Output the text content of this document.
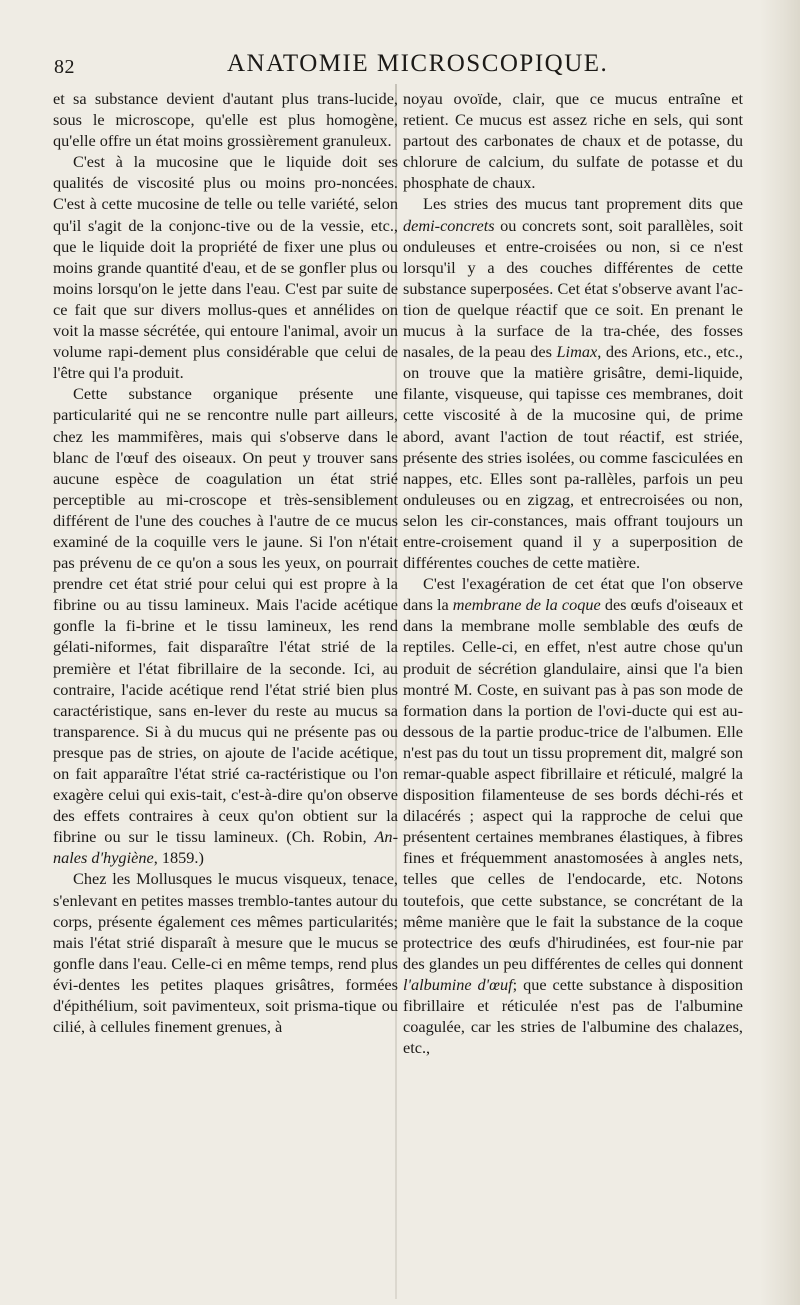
82	ANATOMIE MICROSCOPIQUE.

et sa substance devient d'autant plus trans-lucide, sous le microscope, qu'elle est plus homogène, qu'elle offre un état moins grossièrement granuleux.

C'est à la mucosine que le liquide doit ses qualités de viscosité plus ou moins pro-noncées. C'est à cette mucosine de telle ou telle variété, selon qu'il s'agit de la conjonc-tive ou de la vessie, etc., que le liquide doit la propriété de fixer une plus ou moins grande quantité d'eau, et de se gonfler plus ou moins lorsqu'on le jette dans l'eau. C'est par suite de ce fait que sur divers mollus-ques et annélides on voit la masse sécrétée, qui entoure l'animal, avoir un volume rapi-dement plus considérable que celui de l'être qui l'a produit.

Cette substance organique présente une particularité qui ne se rencontre nulle part ailleurs, chez les mammifères, mais qui s'observe dans le blanc de l'œuf des oiseaux. On peut y trouver sans aucune espèce de coagulation un état strié perceptible au mi-croscope et très-sensiblement différent de l'une des couches à l'autre de ce mucus examiné de la coquille vers le jaune. Si l'on n'était pas prévenu de ce qu'on a sous les yeux, on pourrait prendre cet état strié pour celui qui est propre à la fibrine ou au tissu lamineux. Mais l'acide acétique gonfle la fi-brine et le tissu lamineux, les rend gélati-niformes, fait disparaître l'état strié de la première et l'état fibrillaire de la seconde. Ici, au contraire, l'acide acétique rend l'état strié bien plus caractéristique, sans en-lever du reste au mucus sa transparence. Si à du mucus qui ne présente pas ou presque pas de stries, on ajoute de l'acide acétique, on fait apparaître l'état strié ca-ractéristique ou l'on exagère celui qui exis-tait, c'est-à-dire qu'on observe des effets contraires à ceux qu'on obtient sur la fibrine ou sur le tissu lamineux. (Ch. Robin, An-nales d'hygiène, 1859.)

Chez les Mollusques le mucus visqueux, tenace, s'enlevant en petites masses tremblo-tantes autour du corps, présente également ces mêmes particularités; mais l'état strié disparaît à mesure que le mucus se gonfle dans l'eau. Celle-ci en même temps, rend plus évi-dentes les petites plaques grisâtres, formées d'épithélium, soit pavimenteux, soit prisma-tique ou cilié, à cellules finement grenues, à

noyau ovoïde, clair, que ce mucus entraîne et retient. Ce mucus est assez riche en sels, qui sont partout des carbonates de chaux et de potasse, du chlorure de calcium, du sulfate de potasse et du phosphate de chaux.

Les stries des mucus tant proprement dits que demi-concrets ou concrets sont, soit parallèles, soit onduleuses et entre-croisées ou non, si ce n'est lorsqu'il y a des couches différentes de cette substance superposées. Cet état s'observe avant l'ac-tion de quelque réactif que ce soit. En prenant le mucus à la surface de la tra-chée, des fosses nasales, de la peau des Limax, des Arions, etc., etc., on trouve que la matière grisâtre, demi-liquide, filante, visqueuse, qui tapisse ces membranes, doit cette viscosité à de la mucosine qui, de prime abord, avant l'action de tout réactif, est striée, présente des stries isolées, ou comme fasciculées en nappes, etc. Elles sont pa-rallèles, parfois un peu onduleuses ou en zigzag, et entrecroisées ou non, selon les cir-constances, mais offrant toujours un entre-croisement quand il y a superposition de différentes couches de cette matière.

C'est l'exagération de cet état que l'on observe dans la membrane de la coque des œufs d'oiseaux et dans la membrane molle semblable des œufs de reptiles. Celle-ci, en effet, n'est autre chose qu'un produit de sécrétion glandulaire, ainsi que l'a bien montré M. Coste, en suivant pas à pas son mode de formation dans la portion de l'ovi-ducte qui est au-dessous de la partie produc-trice de l'albumen. Elle n'est pas du tout un tissu proprement dit, malgré son remar-quable aspect fibrillaire et réticulé, malgré la disposition filamenteuse de ses bords déchi-rés et dilacérés ; aspect qui la rapproche de celui que présentent certaines membranes élastiques, à fibres fines et fréquemment anastomosées à angles nets, telles que celles de l'endocarde, etc. Notons toutefois, que cette substance, se concrétant de la même manière que le fait la substance de la coque protectrice des œufs d'hirudinées, est four-nie par des glandes un peu différentes de celles qui donnent l'albumine d'œuf; que cette substance à disposition fibrillaire et réticulée n'est pas de l'albumine coagulée, car les stries de l'albumine des chalazes, etc.,
